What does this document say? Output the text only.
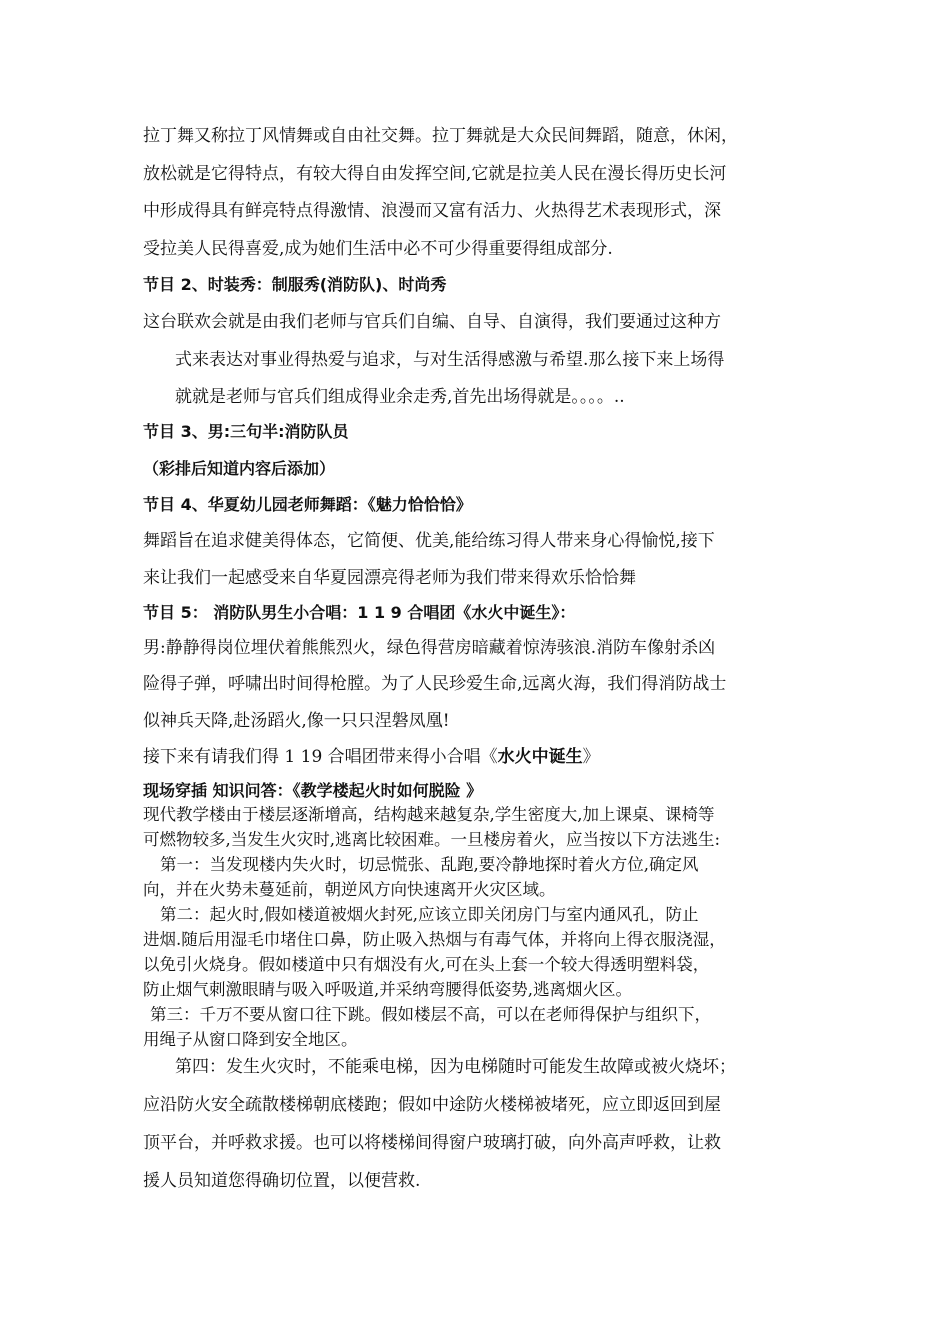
拉丁舞又称拉丁风情舞或自由社交舞。拉丁舞就是大众民间舞蹈，随意，休闲，
放松就是它得特点，有较大得自由发挥空间,它就是拉美人民在漫长得历史长河
中形成得具有鲜亮特点得激情、浪漫而又富有活力、火热得艺术表现形式，深
受拉美人民得喜爱,成为她们生活中必不可少得重要得组成部分.
节目 2、时装秀：制服秀(消防队)、时尚秀
这台联欢会就是由我们老师与官兵们自编、自导、自演得，我们要通过这种方
式来表达对事业得热爱与追求，与对生活得感激与希望.那么接下来上场得
就就是老师与官兵们组成得业余走秀,首先出场得就是。。。。..
节目 3、男:三句半:消防队员
（彩排后知道内容后添加）
节目 4、华夏幼儿园老师舞蹈：《魅力恰恰恰》
舞蹈旨在追求健美得体态，它简便、优美,能给练习得人带来身心得愉悦,接下
来让我们一起感受来自华夏园漂亮得老师为我们带来得欢乐恰恰舞
节目 5： 消防队男生小合唱：1 1 9 合唱团《水火中诞生》：
男:静静得岗位埋伏着熊熊烈火，绿色得营房暗藏着惊涛骇浪.消防车像射杀凶
险得子弹，呼啸出时间得枪膛。为了人民珍爱生命,远离火海，我们得消防战士
似神兵天降,赴汤蹈火,像一只只涅磐凤凰!
接下来有请我们得 1 19 合唱团带来得小合唱《水火中诞生》
现场穿插 知识问答：《教学楼起火时如何脱险 》
现代教学楼由于楼层逐渐增高，结构越来越复杂,学生密度大,加上课桌、课椅等
可燃物较多,当发生火灾时,逃离比较困难。一旦楼房着火，应当按以下方法逃生:
第一：当发现楼内失火时，切忌慌张、乱跑,要冷静地探时着火方位,确定风
向，并在火势未蔓延前，朝逆风方向快速离开火灾区域。
第二：起火时,假如楼道被烟火封死,应该立即关闭房门与室内通风孔，防止
进烟.随后用湿毛巾堵住口鼻，防止吸入热烟与有毒气体，并将向上得衣服浇湿，
以免引火烧身。假如楼道中只有烟没有火,可在头上套一个较大得透明塑料袋，
防止烟气刺激眼睛与吸入呼吸道,并采纳弯腰得低姿势,逃离烟火区。
第三：千万不要从窗口往下跳。假如楼层不高，可以在老师得保护与组织下，
用绳子从窗口降到安全地区。
第四：发生火灾时，不能乘电梯，因为电梯随时可能发生故障或被火烧坏；
应沿防火安全疏散楼梯朝底楼跑；假如中途防火楼梯被堵死，应立即返回到屋
顶平台，并呼救求援。也可以将楼梯间得窗户玻璃打破，向外高声呼救，让救
援人员知道您得确切位置，以便营救.
